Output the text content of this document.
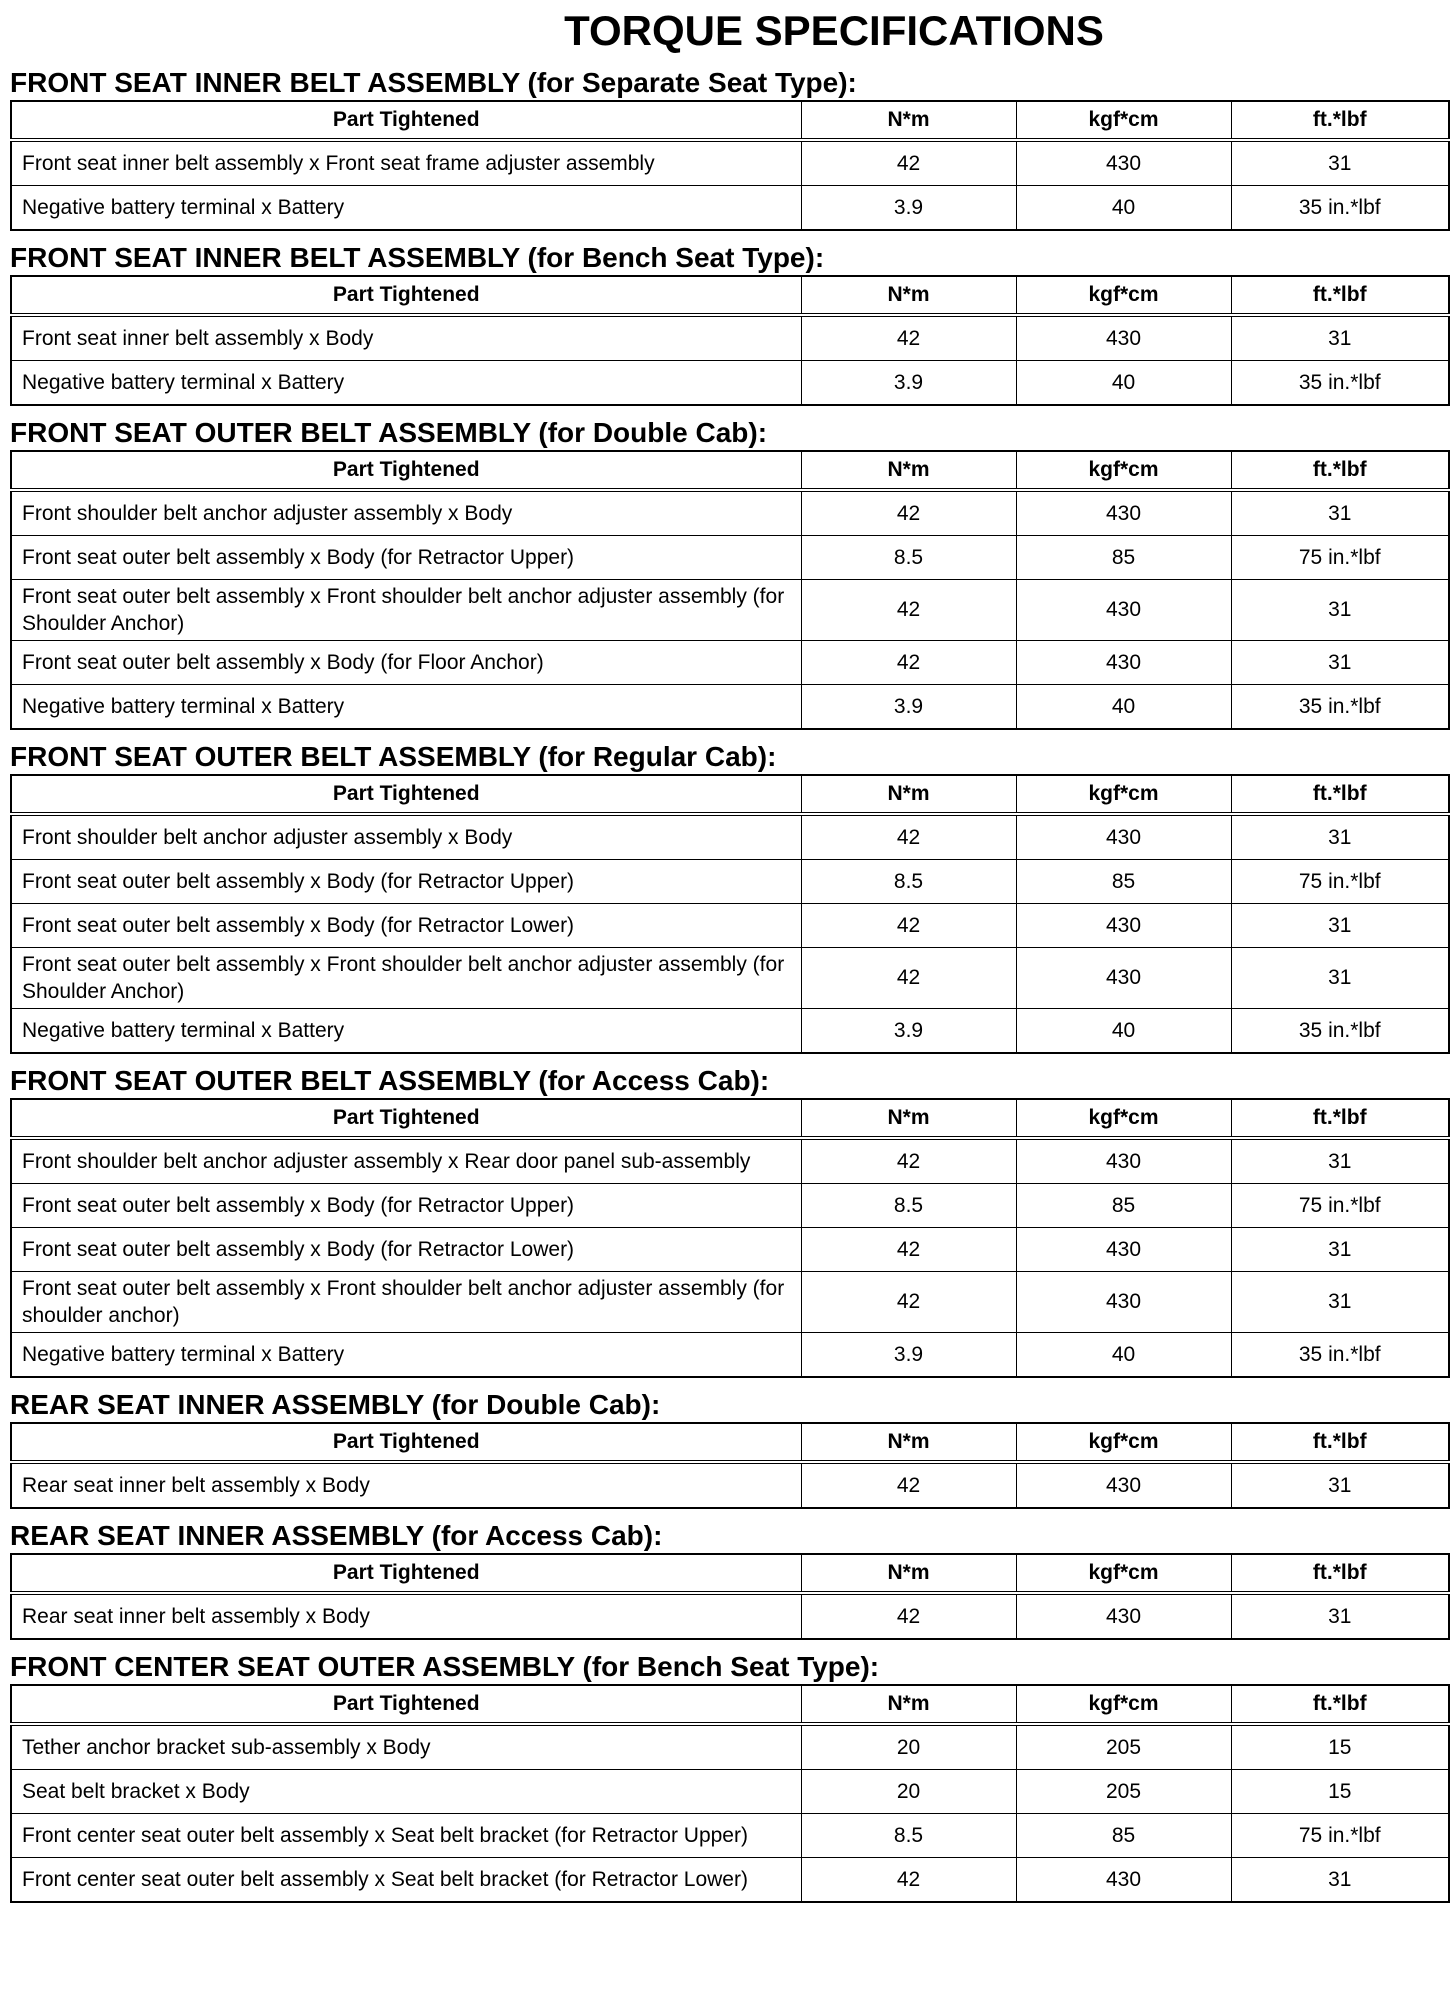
TORQUE SPECIFICATIONS
FRONT SEAT INNER BELT ASSEMBLY (for Separate Seat Type):
Part Tightened	N*m	kgf*cm	ft.*lbf
Front seat inner belt assembly x Front seat frame adjuster assembly	42	430	31
Negative battery terminal x Battery	3.9	40	35 in.*lbf
FRONT SEAT INNER BELT ASSEMBLY (for Bench Seat Type):
Part Tightened	N*m	kgf*cm	ft.*lbf
Front seat inner belt assembly x Body	42	430	31
Negative battery terminal x Battery	3.9	40	35 in.*lbf
FRONT SEAT OUTER BELT ASSEMBLY (for Double Cab):
Part Tightened	N*m	kgf*cm	ft.*lbf
Front shoulder belt anchor adjuster assembly x Body	42	430	31
Front seat outer belt assembly x Body (for Retractor Upper)	8.5	85	75 in.*lbf
Front seat outer belt assembly x Front shoulder belt anchor adjuster assembly (for Shoulder Anchor)	42	430	31
Front seat outer belt assembly x Body (for Floor Anchor)	42	430	31
Negative battery terminal x Battery	3.9	40	35 in.*lbf
FRONT SEAT OUTER BELT ASSEMBLY (for Regular Cab):
Part Tightened	N*m	kgf*cm	ft.*lbf
Front shoulder belt anchor adjuster assembly x Body	42	430	31
Front seat outer belt assembly x Body (for Retractor Upper)	8.5	85	75 in.*lbf
Front seat outer belt assembly x Body (for Retractor Lower)	42	430	31
Front seat outer belt assembly x Front shoulder belt anchor adjuster assembly (for Shoulder Anchor)	42	430	31
Negative battery terminal x Battery	3.9	40	35 in.*lbf
FRONT SEAT OUTER BELT ASSEMBLY (for Access Cab):
Part Tightened	N*m	kgf*cm	ft.*lbf
Front shoulder belt anchor adjuster assembly x Rear door panel sub-assembly	42	430	31
Front seat outer belt assembly x Body (for Retractor Upper)	8.5	85	75 in.*lbf
Front seat outer belt assembly x Body (for Retractor Lower)	42	430	31
Front seat outer belt assembly x Front shoulder belt anchor adjuster assembly (for shoulder anchor)	42	430	31
Negative battery terminal x Battery	3.9	40	35 in.*lbf
REAR SEAT INNER ASSEMBLY (for Double Cab):
Part Tightened	N*m	kgf*cm	ft.*lbf
Rear seat inner belt assembly x Body	42	430	31
REAR SEAT INNER ASSEMBLY (for Access Cab):
Part Tightened	N*m	kgf*cm	ft.*lbf
Rear seat inner belt assembly x Body	42	430	31
FRONT CENTER SEAT OUTER ASSEMBLY (for Bench Seat Type):
Part Tightened	N*m	kgf*cm	ft.*lbf
Tether anchor bracket sub-assembly x Body	20	205	15
Seat belt bracket x Body	20	205	15
Front center seat outer belt assembly x Seat belt bracket (for Retractor Upper)	8.5	85	75 in.*lbf
Front center seat outer belt assembly x Seat belt bracket (for Retractor Lower)	42	430	31
